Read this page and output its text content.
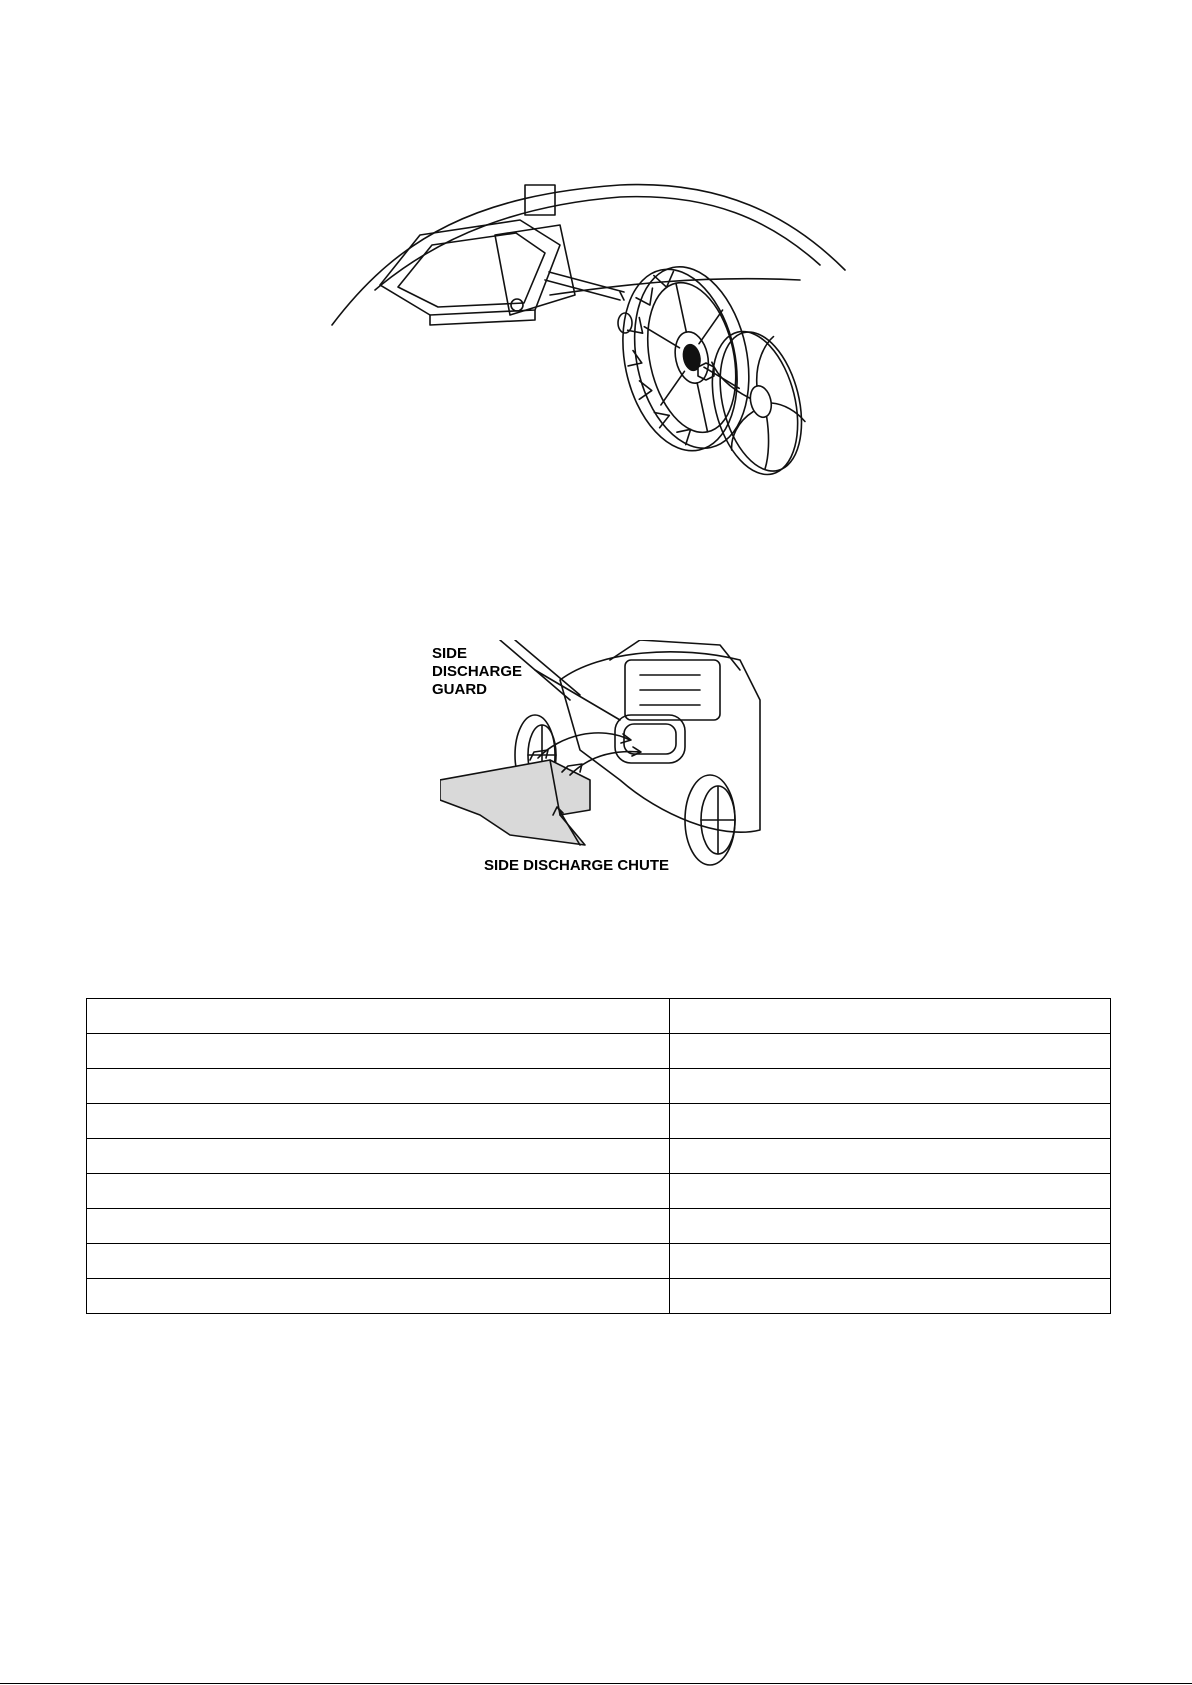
SIDE
DISCHARGE
GUARD
SIDE DISCHARGE CHUTE
